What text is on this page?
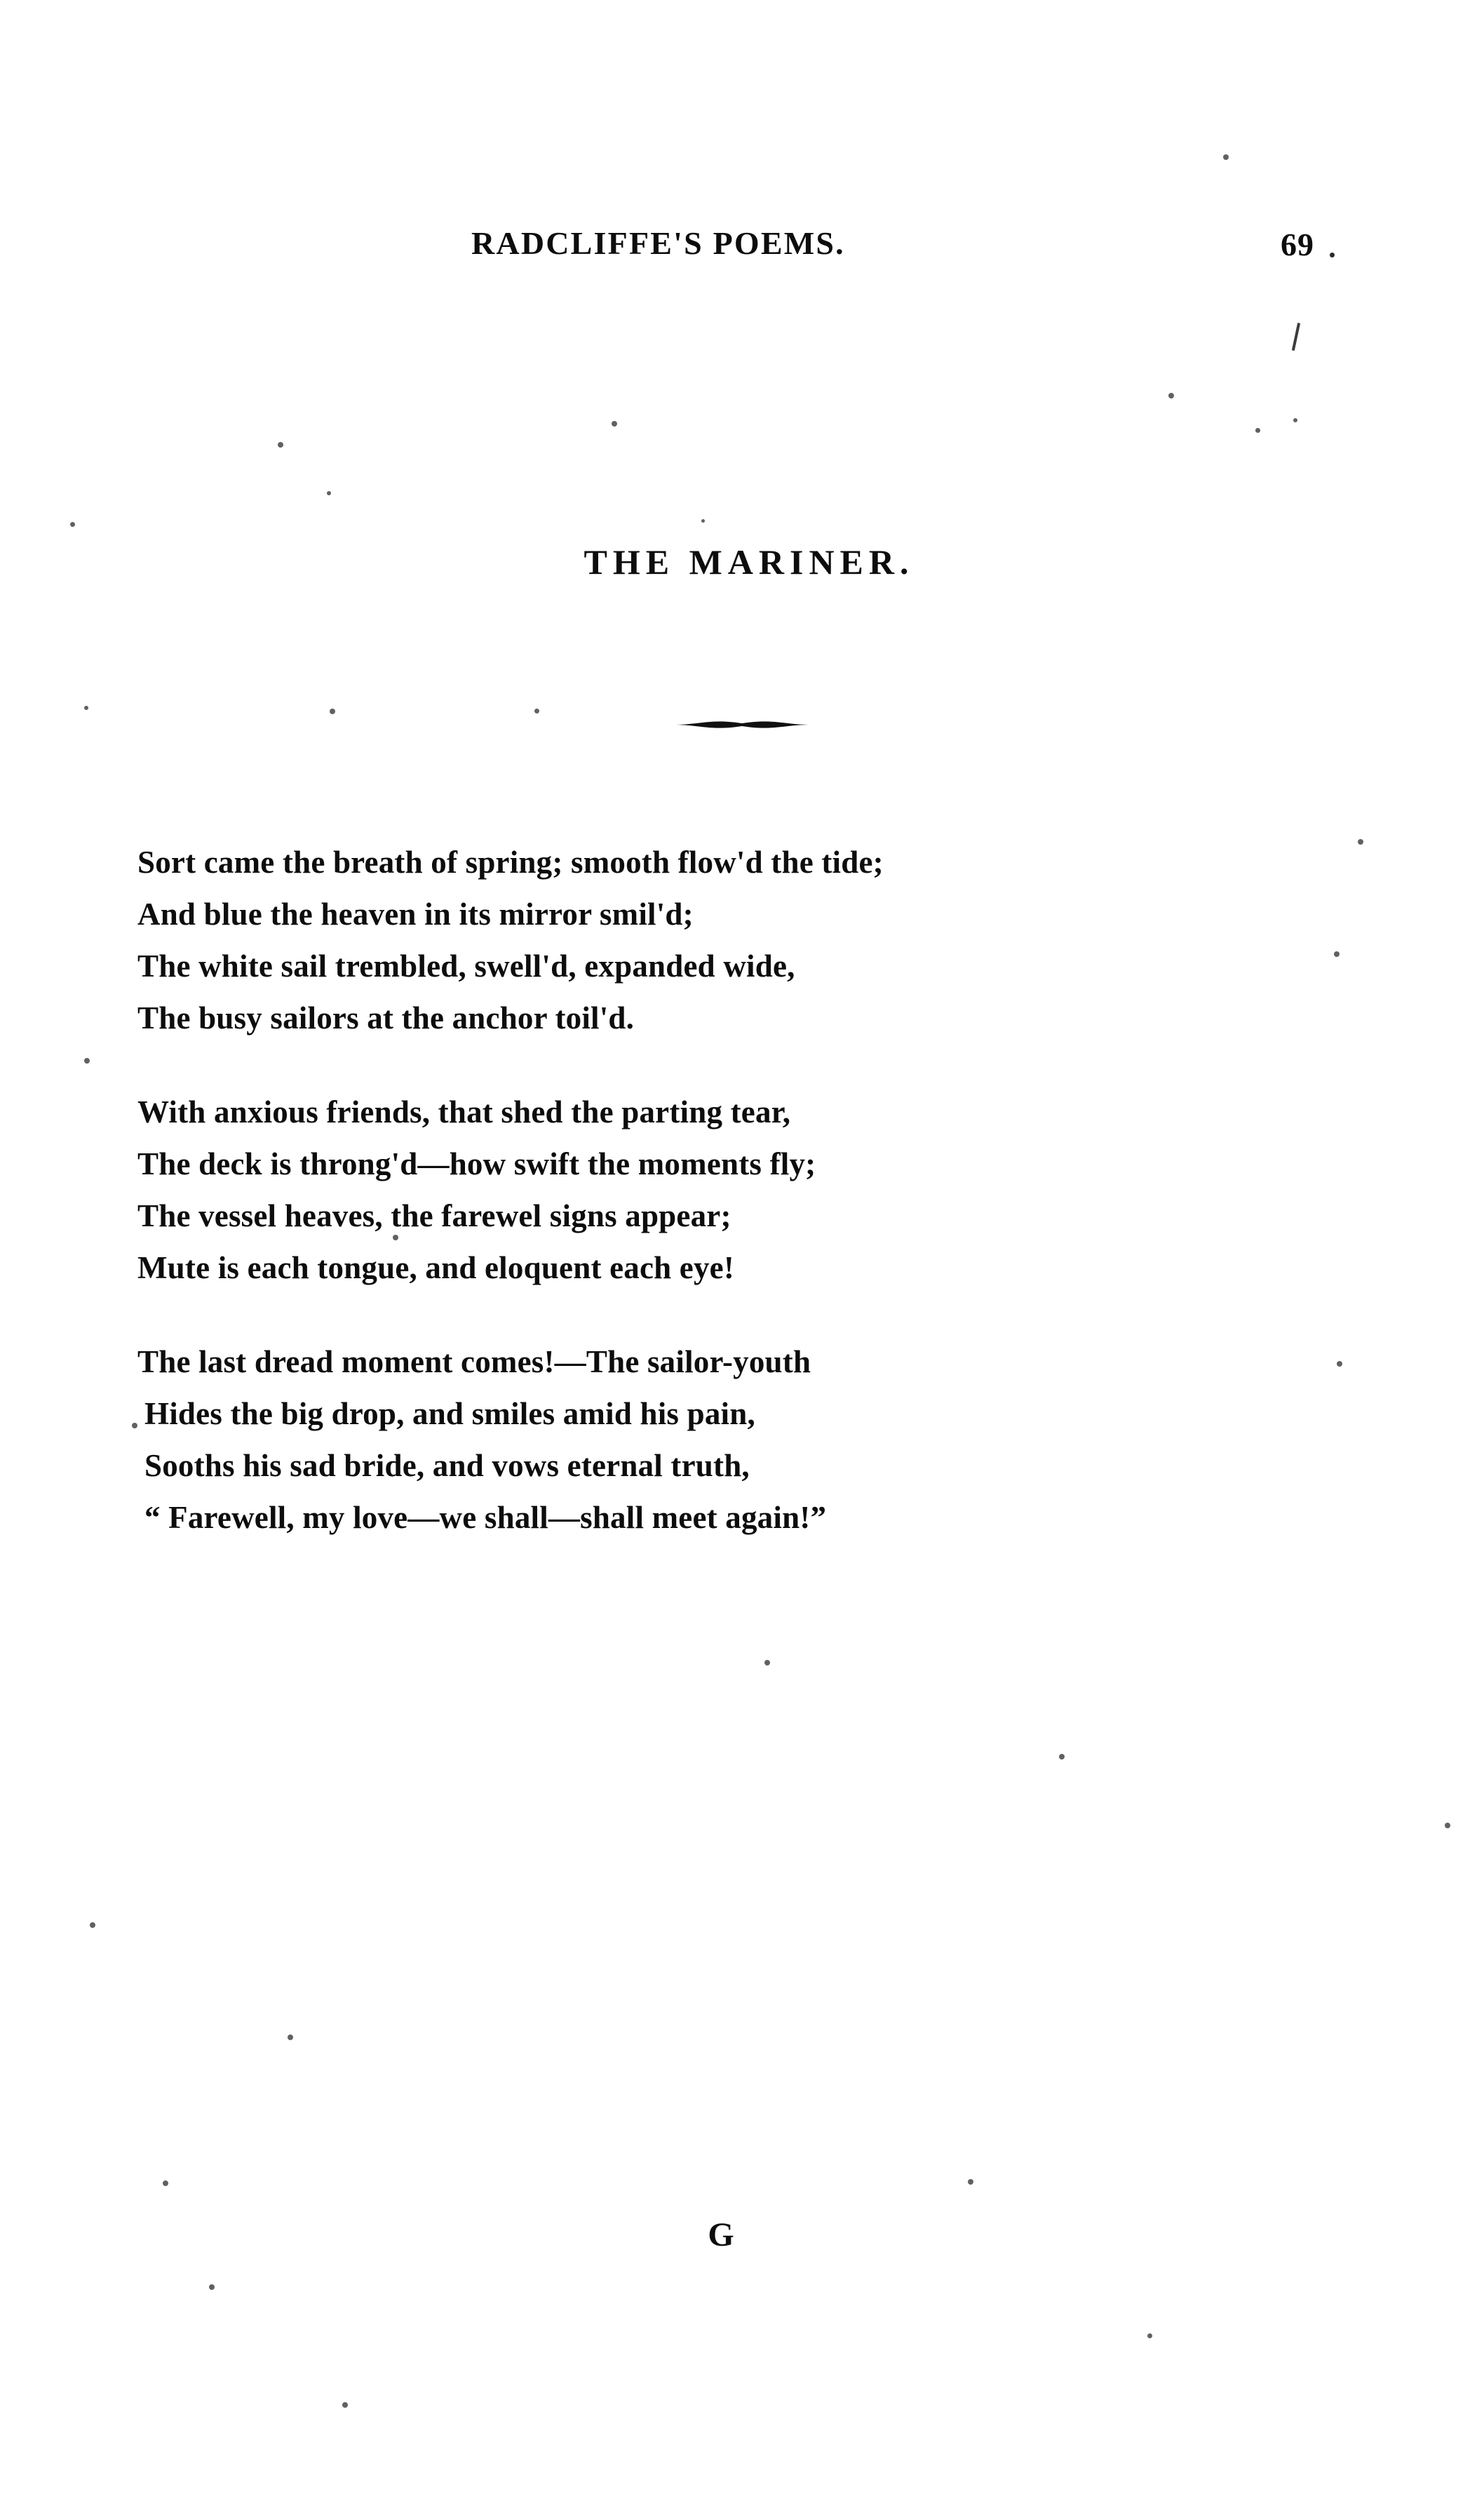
RADCLIFFE'S POEMS.	69
THE MARINER.
Sort came the breath of spring; smooth flow'd the tide;
And blue the heaven in its mirror smil'd;
The white sail trembled, swell'd, expanded wide,
The busy sailors at the anchor toil'd.
With anxious friends, that shed the parting tear,
The deck is throng'd—how swift the moments fly;
The vessel heaves, the farewel signs appear;
Mute is each tongue, and eloquent each eye!
The last dread moment comes!—The sailor-youth
Hides the big drop, and smiles amid his pain,
Sooths his sad bride, and vows eternal truth,
“ Farewell, my love—we shall—shall meet again!”
G
